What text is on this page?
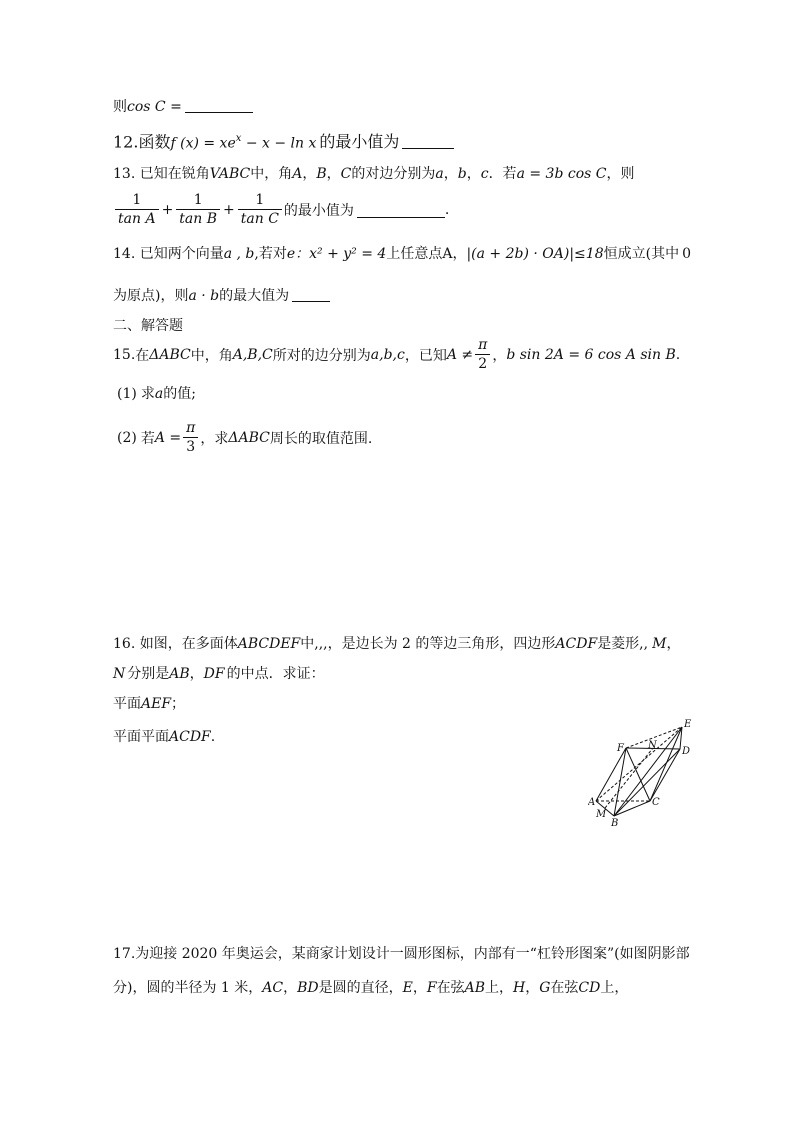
则cos C =
12.函数f $(x) = xe^x - x - \ln x$ 的最小值为
13. 已知在锐角VABC中，角A，B，C的对边分别为a，b，c．若a = 3b cos C，则
$\frac{1}{\text{tan A}} + \frac{1}{\text{tan B}} + \frac{1}{\text{tan C}}$ 的最小值为	.
14. 已知两个向量a , b,若对e：x² + y² = 4上任意点A，|(a + 2b) · OA)|≤18恒成立(其中 0
为原点)，则a · b的最大值为
二、解答题
15.在ΔABC中，角A,B,C所对的边分别为a,b,c，已知$A \ne \frac{\pi}{2}$ ，b sin 2A = 6 cos A sin B.
(1) 求a的值;
(2) 若$A = \frac{\pi}{3}$ ，求ΔABC周长的取值范围.
16. 如图，在多面体ABCDEF中,,,，是边长为 2 的等边三角形，四边形ACDF是菱形,, M，
N 分别是AB，DF 的中点．求证：
平面AEF；
平面平面ACDF.
E
F N
D
A	C
M
B
17.为迎接 2020 年奥运会，某商家计划设计一圆形图标，内部有一“杠铃形图案”(如图阴影部
分)，圆的半径为 1 米，AC，BD是圆的直径，E，F在弦AB上，H，G在弦CD上，
